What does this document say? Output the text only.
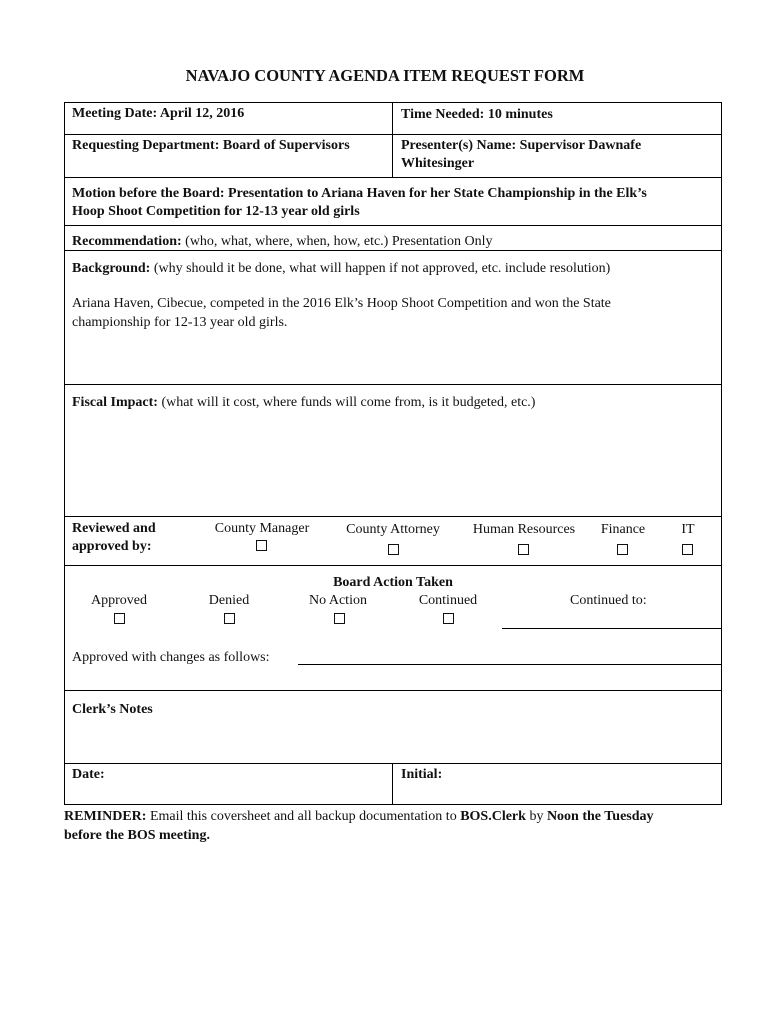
NAVAJO COUNTY AGENDA ITEM REQUEST FORM
Meeting Date: April 12, 2016	Time Needed: 10 minutes
Requesting Department: Board of Supervisors	Presenter(s) Name: Supervisor Dawnafe
Whitesinger
Motion before the Board: Presentation to Ariana Haven for her State Championship in the Elk’s
Hoop Shoot Competition for 12-13 year old girls
Recommendation: (who, what, where, when, how, etc.) Presentation Only
Background: (why should it be done, what will happen if not approved, etc. include resolution)
Ariana Haven, Cibecue, competed in the 2016 Elk’s Hoop Shoot Competition and won the State
championship for 12-13 year old girls.
Fiscal Impact: (what will it cost, where funds will come from, is it budgeted, etc.)
Reviewed and
approved by:
County Manager	County Attorney	Human Resources	Finance	IT
Board Action Taken
Approved	Denied	No Action	Continued	Continued to:
Approved with changes as follows:
Clerk’s Notes
Date:	Initial:
REMINDER: Email this coversheet and all backup documentation to BOS.Clerk by Noon the Tuesday
before the BOS meeting.
